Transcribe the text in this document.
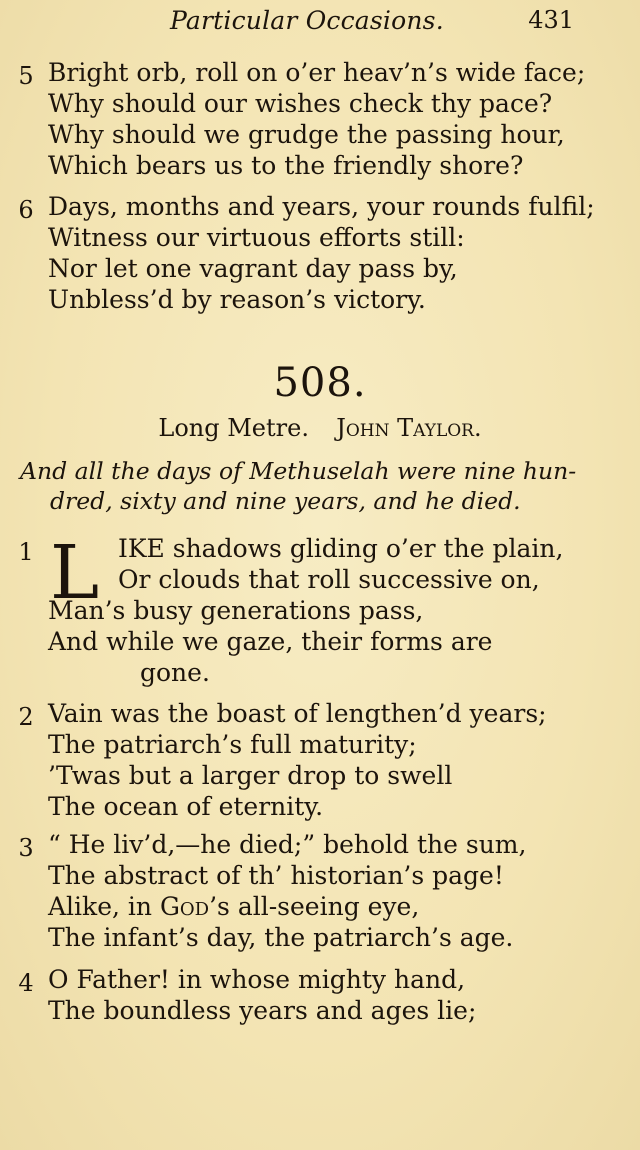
Particular Occasions.	431
5 Bright orb, roll on o’er heav’n’s wide face;
Why should our wishes check thy pace?
Why should we grudge the passing hour,
Which bears us to the friendly shore?
6 Days, months and years, your rounds fulfil;
Witness our virtuous efforts still:
Nor let one vagrant day pass by,
Unbless’d by reason’s victory.
508.
Long Metre. John Taylor.
And all the days of Methuselah were nine hun-
dred, sixty and nine years, and he died.
1 L IKE shadows gliding o’er the plain,
Or clouds that roll successive on,
Man’s busy generations pass,
And while we gaze, their forms are
gone.
2 Vain was the boast of lengthen’d years;
The patriarch’s full maturity;
’Twas but a larger drop to swell
The ocean of eternity.
3 “ He liv’d,—he died;” behold the sum,
The abstract of th’ historian’s page!
Alike, in God’s all-seeing eye,
The infant’s day, the patriarch’s age.
4 O Father! in whose mighty hand,
The boundless years and ages lie;
